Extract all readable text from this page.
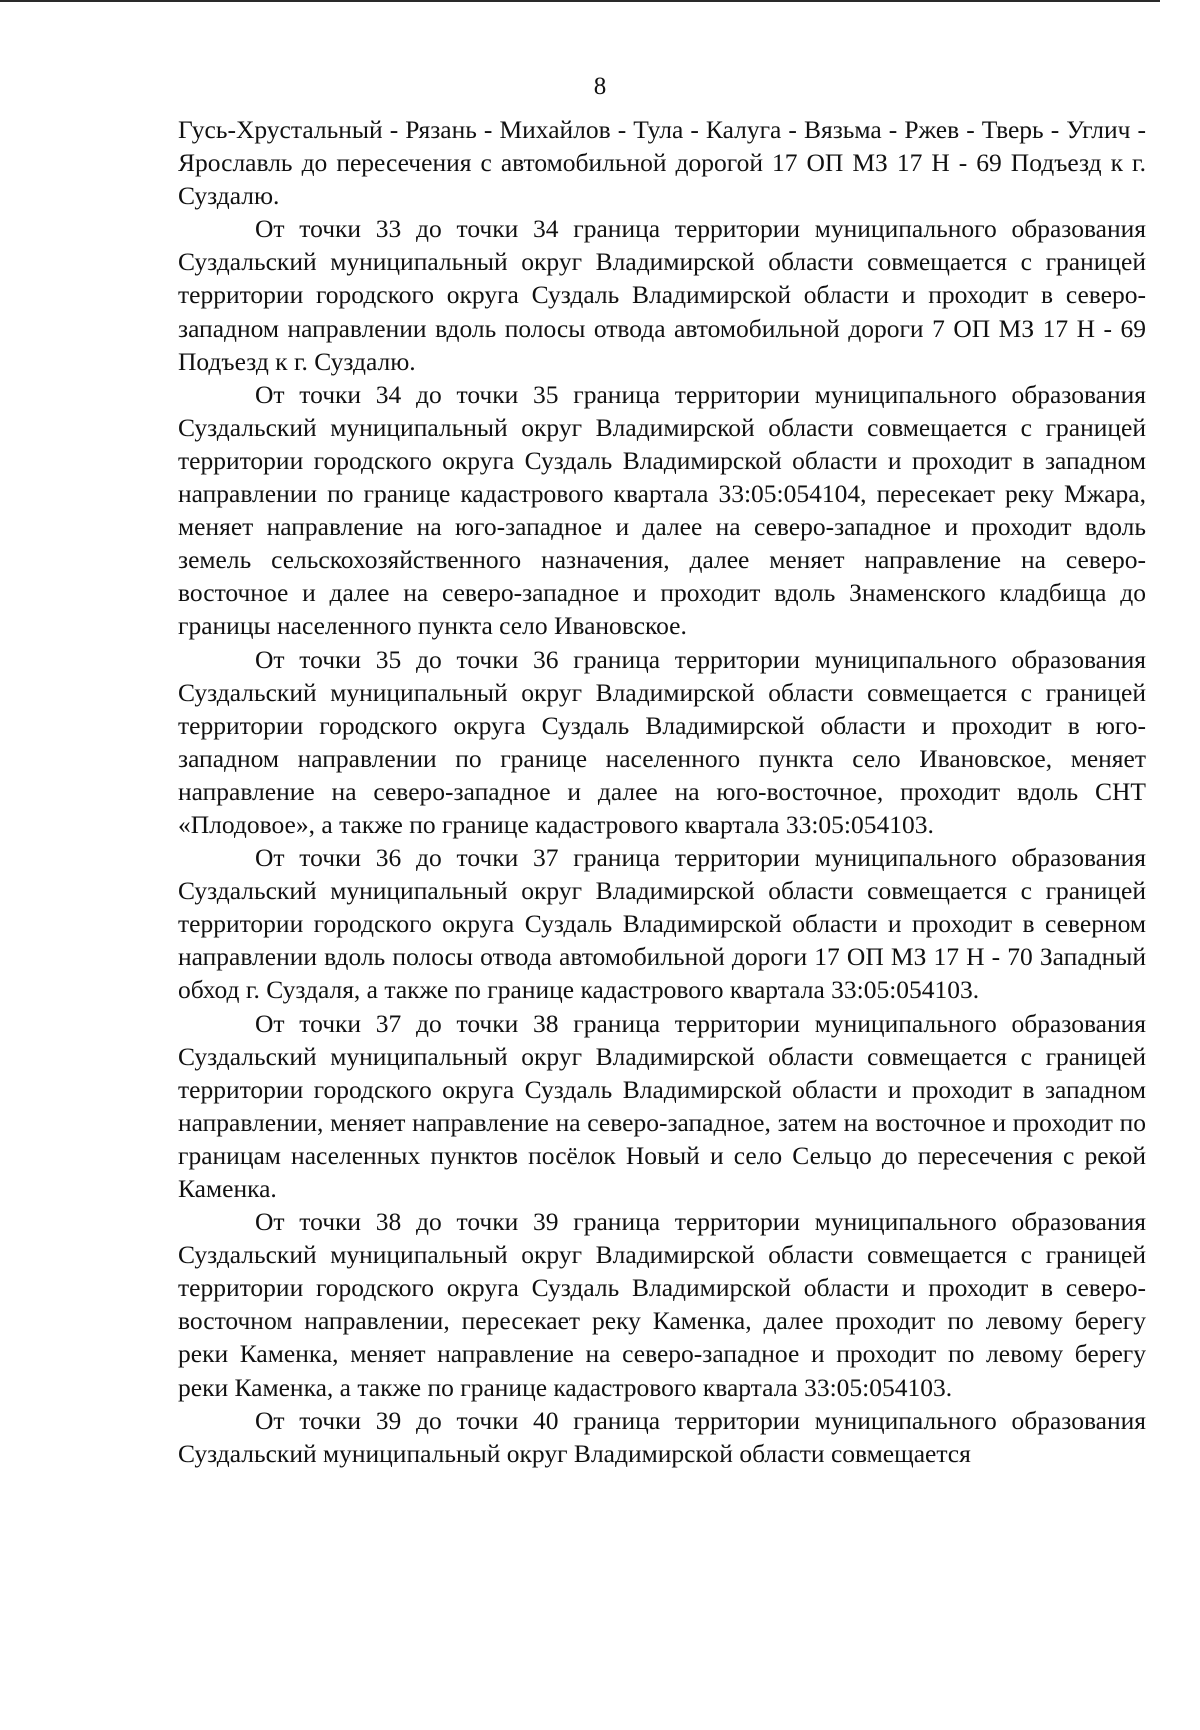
8

Гусь-Хрустальный - Рязань - Михайлов - Тула - Калуга - Вязьма - Ржев - Тверь - Углич - Ярославль до пересечения с автомобильной дорогой 17 ОП МЗ 17 Н - 69 Подъезд к г. Суздалю.

От точки 33 до точки 34 граница территории муниципального образования Суздальский муниципальный округ Владимирской области совмещается с границей территории городского округа Суздаль Владимирской области и проходит в северо-западном направлении вдоль полосы отвода автомобильной дороги 7 ОП МЗ 17 Н - 69 Подъезд к г. Суздалю.

От точки 34 до точки 35 граница территории муниципального образования Суздальский муниципальный округ Владимирской области совмещается с границей территории городского округа Суздаль Владимирской области и проходит в западном направлении по границе кадастрового квартала 33:05:054104, пересекает реку Мжара, меняет направление на юго-западное и далее на северо-западное и проходит вдоль земель сельскохозяйственного назначения, далее меняет направление на северо-восточное и далее на северо-западное и проходит вдоль Знаменского кладбища до границы населенного пункта село Ивановское.

От точки 35 до точки 36 граница территории муниципального образования Суздальский муниципальный округ Владимирской области совмещается с границей территории городского округа Суздаль Владимирской области и проходит в юго-западном направлении по границе населенного пункта село Ивановское, меняет направление на северо-западное и далее на юго-восточное, проходит вдоль СНТ «Плодовое», а также по границе кадастрового квартала 33:05:054103.

От точки 36 до точки 37 граница территории муниципального образования Суздальский муниципальный округ Владимирской области совмещается с границей территории городского округа Суздаль Владимирской области и проходит в северном направлении вдоль полосы отвода автомобильной дороги 17 ОП МЗ 17 Н - 70 Западный обход г. Суздаля, а также по границе кадастрового квартала 33:05:054103.

От точки 37 до точки 38 граница территории муниципального образования Суздальский муниципальный округ Владимирской области совмещается с границей территории городского округа Суздаль Владимирской области и проходит в западном направлении, меняет направление на северо-западное, затем на восточное и проходит по границам населенных пунктов посёлок Новый и село Сельцо до пересечения с рекой Каменка.

От точки 38 до точки 39 граница территории муниципального образования Суздальский муниципальный округ Владимирской области совмещается с границей территории городского округа Суздаль Владимирской области и проходит в северо-восточном направлении, пересекает реку Каменка, далее проходит по левому берегу реки Каменка, меняет направление на северо-западное и проходит по левому берегу реки Каменка, а также по границе кадастрового квартала 33:05:054103.

От точки 39 до точки 40 граница территории муниципального образования Суздальский муниципальный округ Владимирской области совмещается
